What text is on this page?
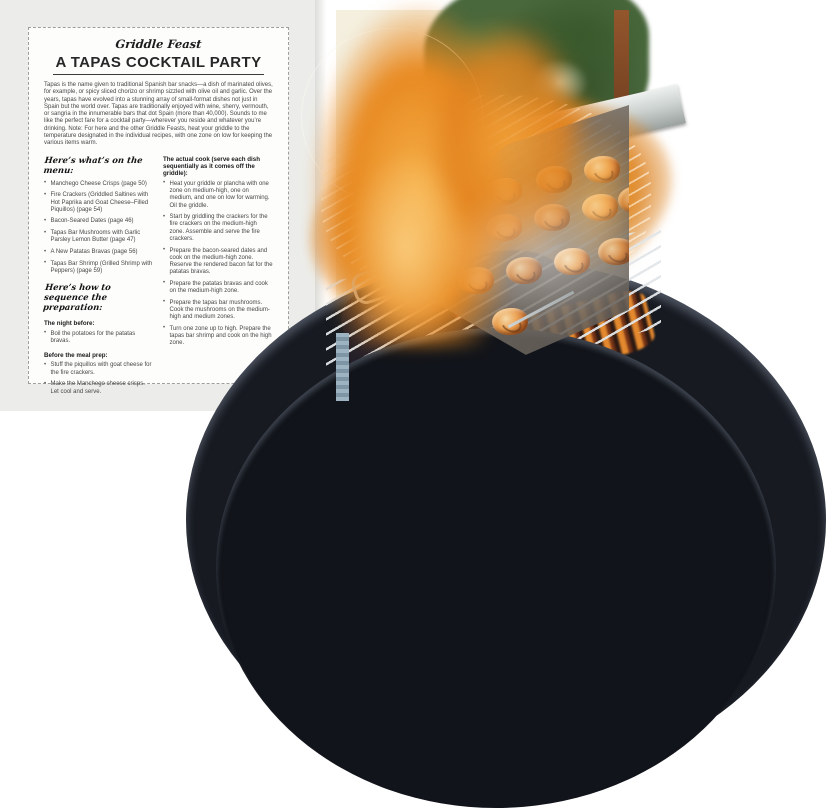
Griddle Feast
A TAPAS COCKTAIL PARTY

Tapas is the name given to traditional Spanish bar snacks—a dish of marinated olives, for example, or spicy sliced chorizo or shrimp sizzled with olive oil and garlic. Over the years, tapas have evolved into a stunning array of small-format dishes not just in Spain but the world over. Tapas are traditionally enjoyed with wine, sherry, vermouth, or sangria in the innumerable bars that dot Spain (more than 40,000). Sounds to me like the perfect fare for a cocktail party—wherever you reside and whatever you’re drinking. Note: For here and the other Griddle Feasts, heat your griddle to the temperature designated in the individual recipes, with one zone on low for keeping the various items warm.

Here’s what’s on the menu:
• Manchego Cheese Crisps (page 50)
• Fire Crackers (Griddled Saltines with Hot Paprika and Goat Cheese–Filled Piquillos) (page 54)
• Bacon-Seared Dates (page 46)
• Tapas Bar Mushrooms with Garlic Parsley Lemon Butter (page 47)
• A New Patatas Bravas (page 56)
• Tapas Bar Shrimp (Grilled Shrimp with Peppers) (page 59)
Here’s how to sequence the preparation:
The night before:
• Boil the potatoes for the patatas bravas.
Before the meal prep:
• Stuff the piquillos with goat cheese for the fire crackers.
• Make the Manchego cheese crisps. Let cool and serve.
The actual cook (serve each dish sequentially as it comes off the griddle):
• Heat your griddle or plancha with one zone on medium-high, one on medium, and one on low for warming. Oil the griddle.
• Start by griddling the crackers for the fire crackers on the medium-high zone. Assemble and serve the fire crackers.
• Prepare the bacon-seared dates and cook on the medium-high zone. Reserve the rendered bacon fat for the patatas bravas.
• Prepare the patatas bravas and cook on the medium-high zone.
• Prepare the tapas bar mushrooms. Cook the mushrooms on the medium-high and medium zones.
• Turn one zone up to high. Prepare the tapas bar shrimp and cook on the high zone.
